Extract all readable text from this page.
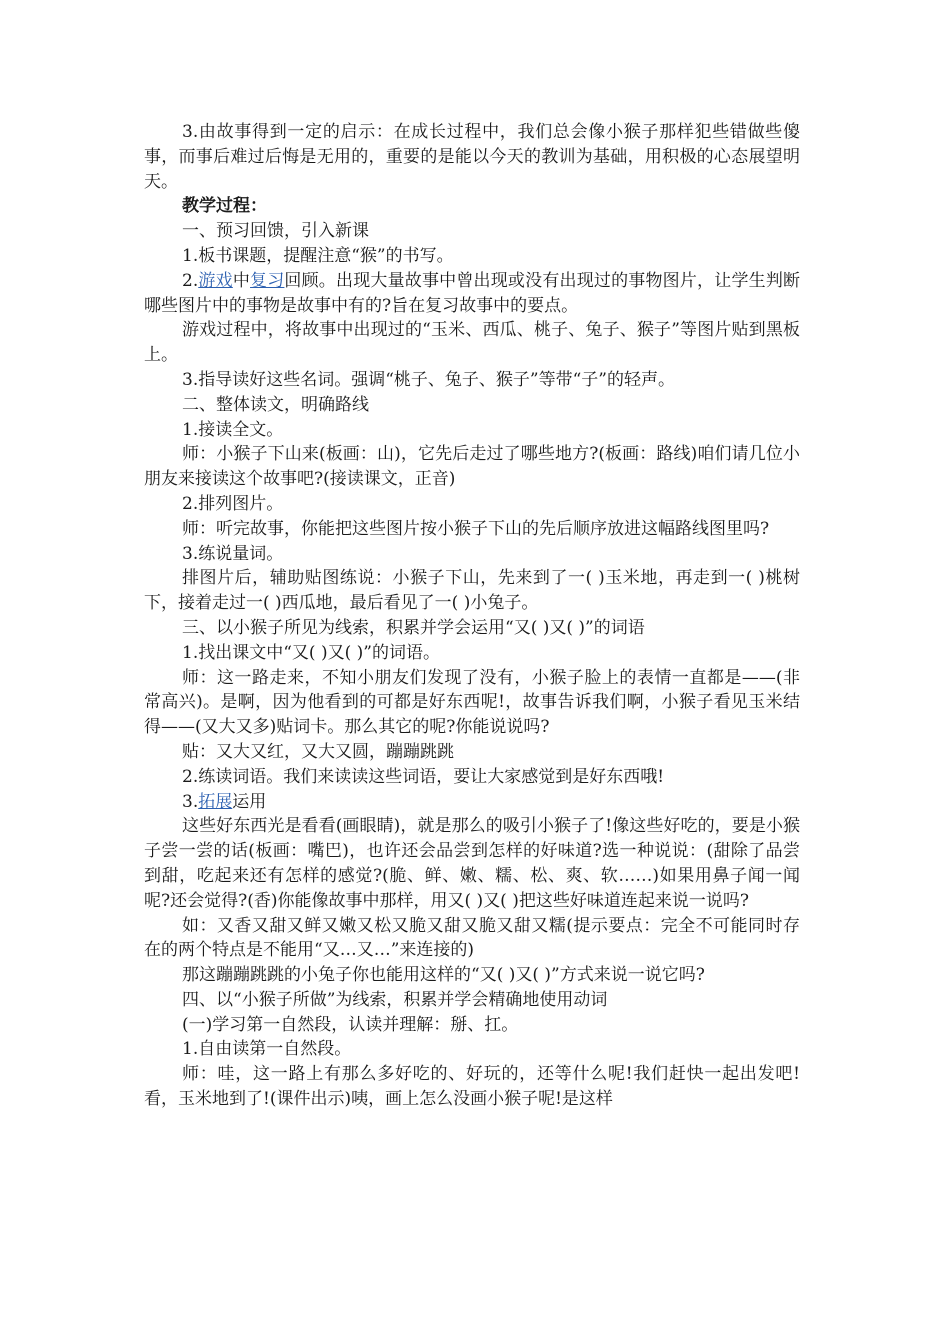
3.由故事得到一定的启示：在成长过程中，我们总会像小猴子那样犯些错做些傻事，而事后难过后悔是无用的，重要的是能以今天的教训为基础，用积极的心态展望明天。

教学过程：

一、预习回馈，引入新课

1.板书课题，提醒注意“猴”的书写。

2.游戏中复习回顾。出现大量故事中曾出现或没有出现过的事物图片，让学生判断哪些图片中的事物是故事中有的?旨在复习故事中的要点。

游戏过程中，将故事中出现过的“玉米、西瓜、桃子、兔子、猴子”等图片贴到黑板上。

3.指导读好这些名词。强调“桃子、兔子、猴子”等带“子”的轻声。

二、整体读文，明确路线

1.接读全文。

师：小猴子下山来(板画：山)，它先后走过了哪些地方?(板画：路线)咱们请几位小朋友来接读这个故事吧?(接读课文，正音)

2.排列图片。

师：听完故事，你能把这些图片按小猴子下山的先后顺序放进这幅路线图里吗?

3.练说量词。

排图片后，辅助贴图练说：小猴子下山，先来到了一( )玉米地，再走到一( )桃树下，接着走过一( )西瓜地，最后看见了一( )小兔子。

三、以小猴子所见为线索，积累并学会运用“又( )又( )”的词语

1.找出课文中“又( )又( )”的词语。

师：这一路走来，不知小朋友们发现了没有，小猴子脸上的表情一直都是——(非常高兴)。是啊，因为他看到的可都是好东西呢!，故事告诉我们啊，小猴子看见玉米结得——(又大又多)贴词卡。那么其它的呢?你能说说吗?

贴：又大又红，又大又圆，蹦蹦跳跳

2.练读词语。我们来读读这些词语，要让大家感觉到是好东西哦!

3.拓展运用

这些好东西光是看看(画眼睛)，就是那么的吸引小猴子了!像这些好吃的，要是小猴子尝一尝的话(板画：嘴巴)，也许还会品尝到怎样的好味道?选一种说说：(甜除了品尝到甜，吃起来还有怎样的感觉?(脆、鲜、嫩、糯、松、爽、软……)如果用鼻子闻一闻呢?还会觉得?(香)你能像故事中那样，用又( )又( )把这些好味道连起来说一说吗?

如：又香又甜又鲜又嫩又松又脆又甜又脆又甜又糯(提示要点：完全不可能同时存在的两个特点是不能用“又…又…”来连接的)

那这蹦蹦跳跳的小兔子你也能用这样的“又( )又( )”方式来说一说它吗?

四、以“小猴子所做”为线索，积累并学会精确地使用动词

(一)学习第一自然段，认读并理解：掰、扛。

1.自由读第一自然段。

师：哇，这一路上有那么多好吃的、好玩的，还等什么呢!我们赶快一起出发吧!看，玉米地到了!(课件出示)咦，画上怎么没画小猴子呢!是这样
